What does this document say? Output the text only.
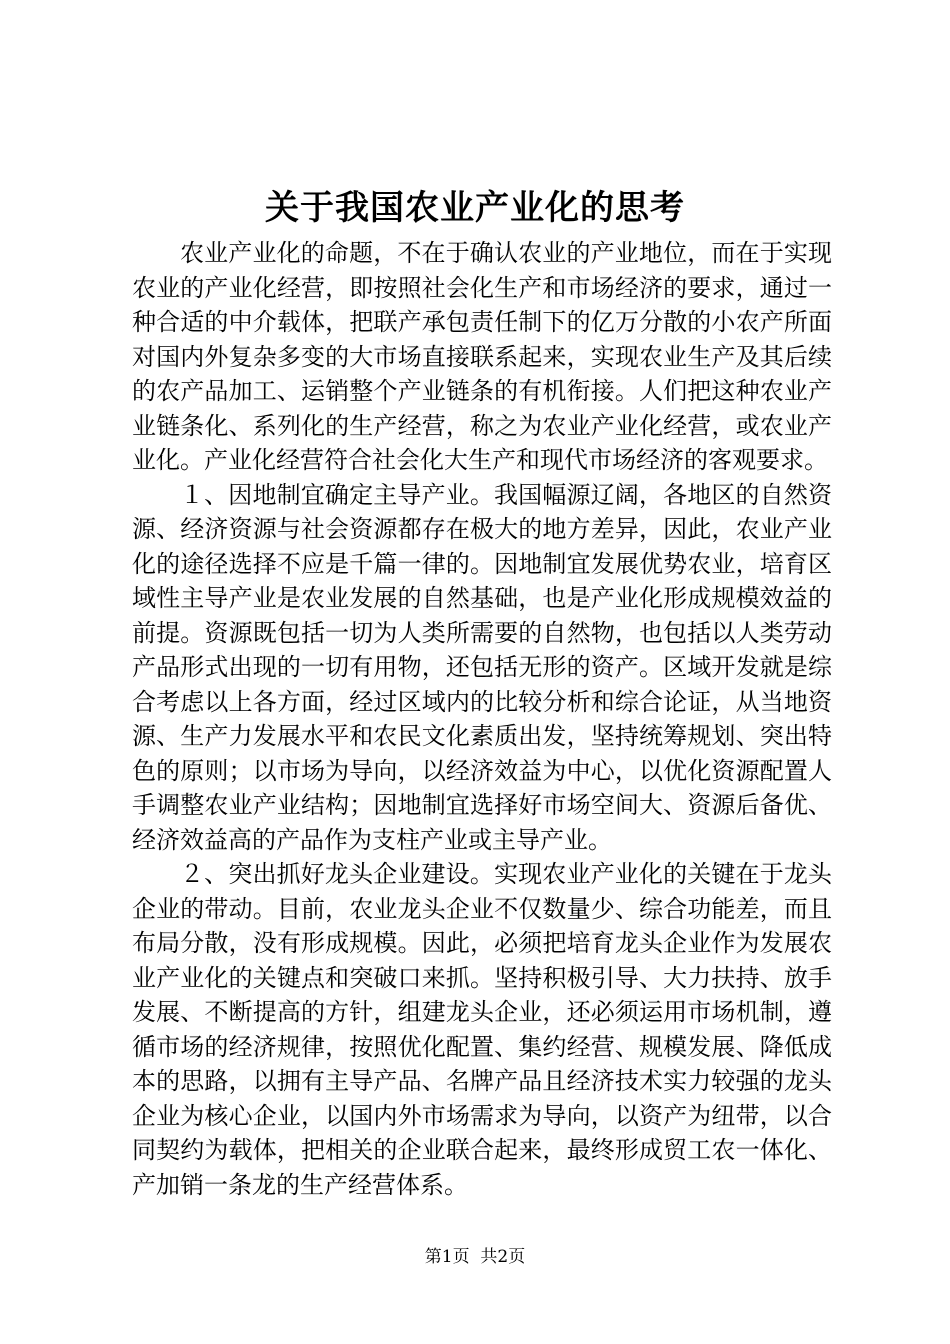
关于我国农业产业化的思考

农业产业化的命题，不在于确认农业的产业地位，而在于实现农业的产业化经营，即按照社会化生产和市场经济的要求，通过一种合适的中介载体，把联产承包责任制下的亿万分散的小农产所面对国内外复杂多变的大市场直接联系起来，实现农业生产及其后续的农产品加工、运销整个产业链条的有机衔接。人们把这种农业产业链条化、系列化的生产经营，称之为农业产业化经营，或农业产业化。产业化经营符合社会化大生产和现代市场经济的客观要求。

１、因地制宜确定主导产业。我国幅源辽阔，各地区的自然资源、经济资源与社会资源都存在极大的地方差异，因此，农业产业化的途径选择不应是千篇一律的。因地制宜发展优势农业，培育区域性主导产业是农业发展的自然基础，也是产业化形成规模效益的前提。资源既包括一切为人类所需要的自然物，也包括以人类劳动产品形式出现的一切有用物，还包括无形的资产。区域开发就是综合考虑以上各方面，经过区域内的比较分析和综合论证，从当地资源、生产力发展水平和农民文化素质出发，坚持统筹规划、突出特色的原则；以市场为导向，以经济效益为中心，以优化资源配置人手调整农业产业结构；因地制宜选择好市场空间大、资源后备优、经济效益高的产品作为支柱产业或主导产业。

２、突出抓好龙头企业建设。实现农业产业化的关键在于龙头企业的带动。目前，农业龙头企业不仅数量少、综合功能差，而且布局分散，没有形成规模。因此，必须把培育龙头企业作为发展农业产业化的关键点和突破口来抓。坚持积极引导、大力扶持、放手发展、不断提高的方针，组建龙头企业，还必须运用市场机制，遵循市场的经济规律，按照优化配置、集约经营、规模发展、降低成本的思路，以拥有主导产品、名牌产品且经济技术实力较强的龙头企业为核心企业，以国内外市场需求为导向，以资产为纽带，以合同契约为载体，把相关的企业联合起来，最终形成贸工农一体化、产加销一条龙的生产经营体系。

第1页  共2页
